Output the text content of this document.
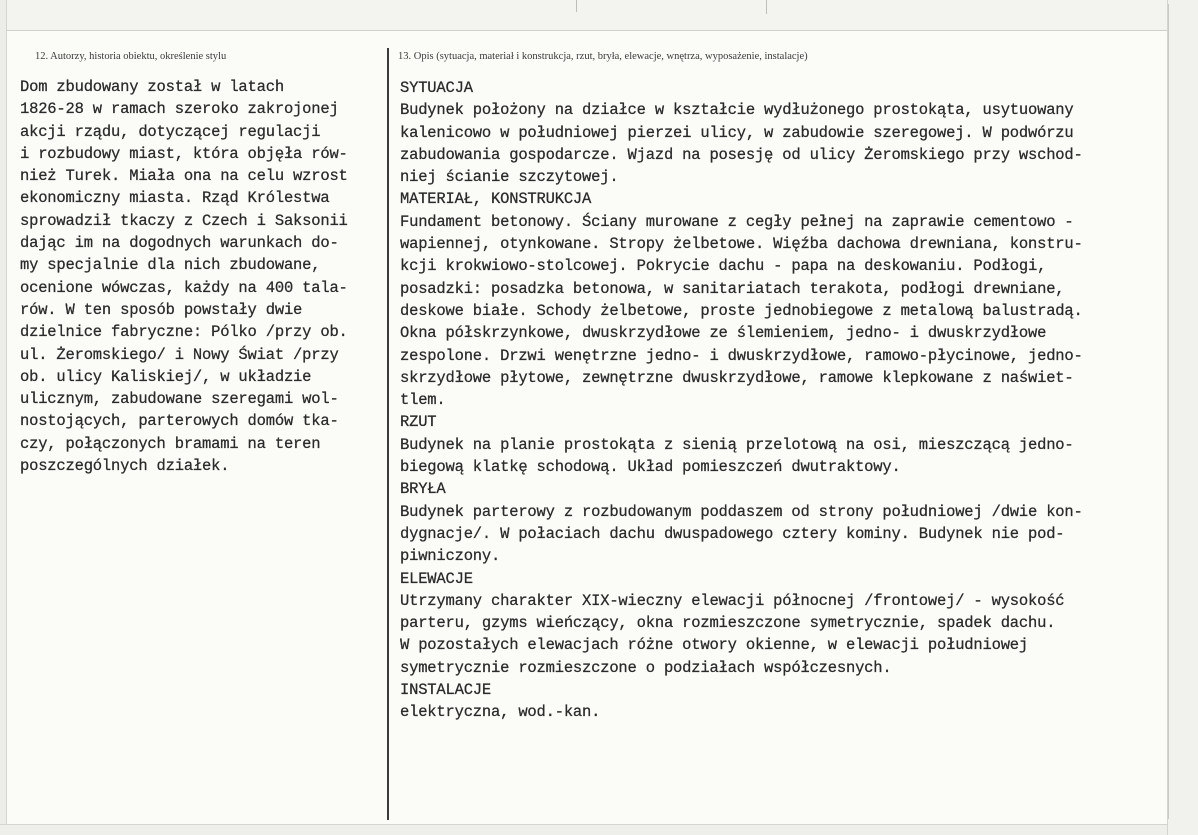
12. Autorzy, historia obiektu, określenie stylu	13. Opis (sytuacja, materiał i konstrukcja, rzut, bryła, elewacje, wnętrza, wyposażenie, instalacje)
Dom zbudowany został w latach
1826-28 w ramach szeroko zakrojonej
akcji rządu, dotyczącej regulacji
i rozbudowy miast, która objęła rów-
nież Turek. Miała ona na celu wzrost
ekonomiczny miasta. Rząd Królestwa
sprowadził tkaczy z Czech i Saksonii
dając im na dogodnych warunkach do-
my specjalnie dla nich zbudowane,
ocenione wówczas, każdy na 400 tala-
rów. W ten sposób powstały dwie
dzielnice fabryczne: Pólko /przy ob.
ul. Żeromskiego/ i Nowy Świat /przy
ob. ulicy Kaliskiej/, w układzie
ulicznym, zabudowane szeregami wol-
nostojących, parterowych domów tka-
czy, połączonych bramami na teren
poszczególnych działek.
SYTUACJA
Budynek położony na działce w kształcie wydłużonego prostokąta, usytuowany
kalenicowo w południowej pierzei ulicy, w zabudowie szeregowej. W podwórzu
zabudowania gospodarcze. Wjazd na posesję od ulicy Żeromskiego przy wschod-
niej ścianie szczytowej.
MATERIAŁ, KONSTRUKCJA
Fundament betonowy. Ściany murowane z cegły pełnej na zaprawie cementowo -
wapiennej, otynkowane. Stropy żelbetowe. Więźba dachowa drewniana, konstru-
kcji krokwiowo-stolcowej. Pokrycie dachu - papa na deskowaniu. Podłogi,
posadzki: posadzka betonowa, w sanitariatach terakota, podłogi drewniane,
deskowe białe. Schody żelbetowe, proste jednobiegowe z metalową balustradą.
Okna półskrzynkowe, dwuskrzydłowe ze ślemieniem, jedno- i dwuskrzydłowe
zespolone. Drzwi wenętrzne jedno- i dwuskrzydłowe, ramowo-płycinowe, jedno-
skrzydłowe płytowe, zewnętrzne dwuskrzydłowe, ramowe klepkowane z naświet-
tlem.
RZUT
Budynek na planie prostokąta z sienią przelotową na osi, mieszczącą jedno-
biegową klatkę schodową. Układ pomieszczeń dwutraktowy.
BRYŁA
Budynek parterowy z rozbudowanym poddaszem od strony południowej /dwie kon-
dygnacje/. W połaciach dachu dwuspadowego cztery kominy. Budynek nie pod-
piwniczony.
ELEWACJE
Utrzymany charakter XIX-wieczny elewacji północnej /frontowej/ - wysokość
parteru, gzyms wieńczący, okna rozmieszczone symetrycznie, spadek dachu.
W pozostałych elewacjach różne otwory okienne, w elewacji południowej
symetrycznie rozmieszczone o podziałach współczesnych.
INSTALACJE
elektryczna, wod.-kan.
